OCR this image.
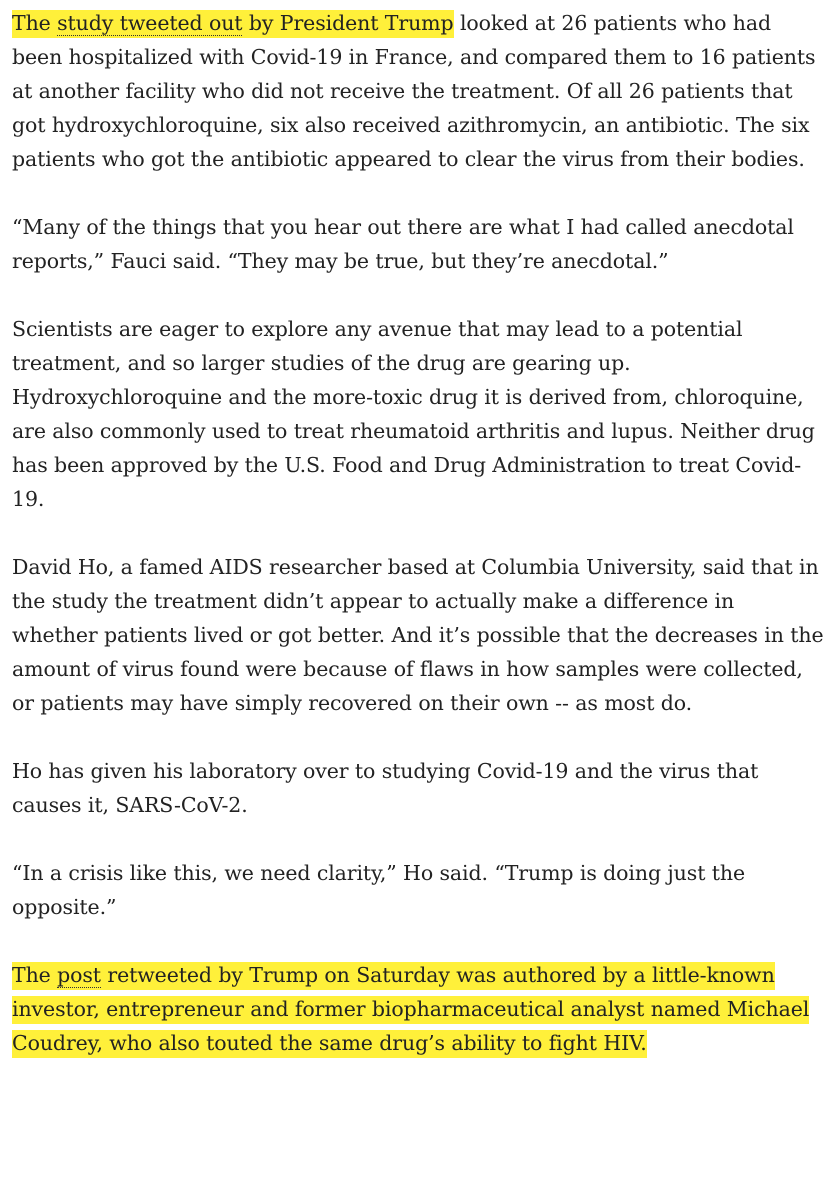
The study tweeted out by President Trump looked at 26 patients who had been hospitalized with Covid-19 in France, and compared them to 16 patients at another facility who did not receive the treatment. Of all 26 patients that got hydroxychloroquine, six also received azithromycin, an antibiotic. The six patients who got the antibiotic appeared to clear the virus from their bodies.

“Many of the things that you hear out there are what I had called anecdotal reports,” Fauci said. “They may be true, but they’re anecdotal.”

Scientists are eager to explore any avenue that may lead to a potential treatment, and so larger studies of the drug are gearing up. Hydroxychloroquine and the more-toxic drug it is derived from, chloroquine, are also commonly used to treat rheumatoid arthritis and lupus. Neither drug has been approved by the U.S. Food and Drug Administration to treat Covid-19.

David Ho, a famed AIDS researcher based at Columbia University, said that in the study the treatment didn’t appear to actually make a difference in whether patients lived or got better. And it’s possible that the decreases in the amount of virus found were because of flaws in how samples were collected, or patients may have simply recovered on their own -- as most do.

Ho has given his laboratory over to studying Covid-19 and the virus that causes it, SARS-CoV-2.

“In a crisis like this, we need clarity,” Ho said. “Trump is doing just the opposite.”

The post retweeted by Trump on Saturday was authored by a little-known investor, entrepreneur and former biopharmaceutical analyst named Michael Coudrey, who also touted the same drug’s ability to fight HIV.
